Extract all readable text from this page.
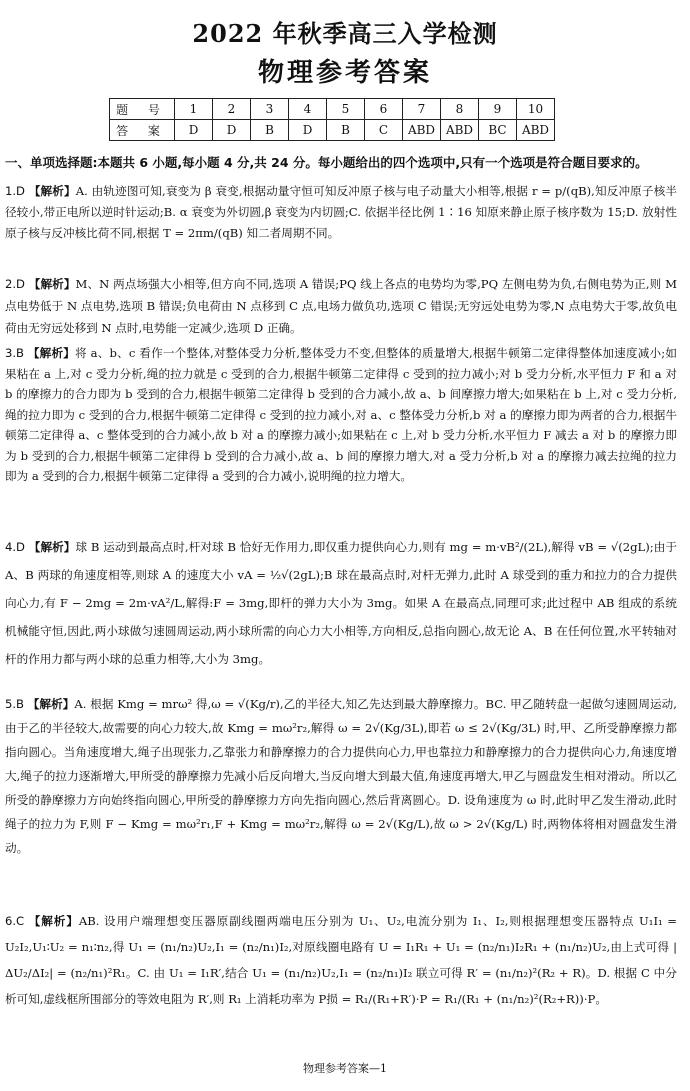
2022 年秋季高三入学检测
物理参考答案
题 号	1	2	3	4	5	6	7	8	9	10
答 案	D	D	B	D	B	C	ABD	ABD	BC	ABD
一、单项选择题:本题共 6 小题,每小题 4 分,共 24 分。每小题给出的四个选项中,只有一个选项是符合题目要求的。

1.D 【解析】A. 由轨迹图可知,衰变为 β 衰变,根据动量守恒可知反冲原子核与电子动量大小相等,根据 r = p/(qB),知反冲原子核半径较小,带正电所以逆时针运动;B. α 衰变为外切圆,β 衰变为内切圆;C. 依据半径比例 1∶16 知原来静止原子核序数为 15;D. 放射性原子核与反冲核比荷不同,根据 T = 2πm/(qB) 知二者周期不同。

2.D 【解析】M、N 两点场强大小相等,但方向不同,选项 A 错误;PQ 线上各点的电势均为零,PQ 左侧电势为负,右侧电势为正,则 M 点电势低于 N 点电势,选项 B 错误;负电荷由 N 点移到 C 点,电场力做负功,选项 C 错误;无穷远处电势为零,N 点电势大于零,故负电荷由无穷远处移到 N 点时,电势能一定减少,选项 D 正确。

3.B 【解析】将 a、b、c 看作一个整体,对整体受力分析,整体受力不变,但整体的质量增大,根据牛顿第二定律得整体加速度减小;如果粘在 a 上,对 c 受力分析,绳的拉力就是 c 受到的合力,根据牛顿第二定律得 c 受到的拉力减小;对 b 受力分析,水平恒力 F 和 a 对 b 的摩擦力的合力即为 b 受到的合力,根据牛顿第二定律得 b 受到的合力减小,故 a、b 间摩擦力增大;如果粘在 b 上,对 c 受力分析,绳的拉力即为 c 受到的合力,根据牛顿第二定律得 c 受到的拉力减小,对 a、c 整体受力分析,b 对 a 的摩擦力即为两者的合力,根据牛顿第二定律得 a、c 整体受到的合力减小,故 b 对 a 的摩擦力减小;如果粘在 c 上,对 b 受力分析,水平恒力 F 减去 a 对 b 的摩擦力即为 b 受到的合力,根据牛顿第二定律得 b 受到的合力减小,故 a、b 间的摩擦力增大,对 a 受力分析,b 对 a 的摩擦力减去拉绳的拉力即为 a 受到的合力,根据牛顿第二定律得 a 受到的合力减小,说明绳的拉力增大。

4.D 【解析】球 B 运动到最高点时,杆对球 B 恰好无作用力,即仅重力提供向心力,则有 mg = m·vB²/(2L),解得 vB = √(2gL);由于 A、B 两球的角速度相等,则球 A 的速度大小 vA = ½√(2gL);B 球在最高点时,对杆无弹力,此时 A 球受到的重力和拉力的合力提供向心力,有 F − 2mg = 2m·vA²/L,解得:F = 3mg,即杆的弹力大小为 3mg。如果 A 在最高点,同理可求;此过程中 AB 组成的系统机械能守恒,因此,两小球做匀速圆周运动,两小球所需的向心力大小相等,方向相反,总指向圆心,故无论 A、B 在任何位置,水平转轴对杆的作用力都与两小球的总重力相等,大小为 3mg。

5.B 【解析】A. 根据 Kmg = mrω² 得,ω = √(Kg/r),乙的半径大,知乙先达到最大静摩擦力。BC. 甲乙随转盘一起做匀速圆周运动,由于乙的半径较大,故需要的向心力较大,故 Kmg = mω²r₂,解得 ω = 2√(Kg/3L),即若 ω ≤ 2√(Kg/3L) 时,甲、乙所受静摩擦力都指向圆心。当角速度增大,绳子出现张力,乙靠张力和静摩擦力的合力提供向心力,甲也靠拉力和静摩擦力的合力提供向心力,角速度增大,绳子的拉力逐渐增大,甲所受的静摩擦力先减小后反向增大,当反向增大到最大值,角速度再增大,甲乙与圆盘发生相对滑动。所以乙所受的静摩擦力方向始终指向圆心,甲所受的静摩擦力方向先指向圆心,然后背离圆心。D. 设角速度为 ω 时,此时甲乙发生滑动,此时绳子的拉力为 F,则 F − Kmg = mω²r₁,F + Kmg = mω²r₂,解得 ω = 2√(Kg/L),故 ω > 2√(Kg/L) 时,两物体将相对圆盘发生滑动。

6.C 【解析】AB. 设用户端理想变压器原副线圈两端电压分别为 U₁、U₂,电流分别为 I₁、I₂,则根据理想变压器特点 U₁I₁ = U₂I₂,U₁∶U₂ = n₁∶n₂,得 U₁ = (n₁/n₂)U₂,I₁ = (n₂/n₁)I₂,对原线圈电路有 U = I₁R₁ + U₁ = (n₂/n₁)I₂R₁ + (n₁/n₂)U₂,由上式可得 |ΔU₂/ΔI₂| = (n₂/n₁)²R₁。C. 由 U₁ = I₁R′,结合 U₁ = (n₁/n₂)U₂,I₁ = (n₂/n₁)I₂ 联立可得 R′ = (n₁/n₂)²(R₂ + R)。D. 根据 C 中分析可知,虚线框所围部分的等效电阻为 R′,则 R₁ 上消耗功率为 P损 = R₁/(R₁+R′)·P = R₁/(R₁ + (n₁/n₂)²(R₂+R))·P。

物理参考答案—1
